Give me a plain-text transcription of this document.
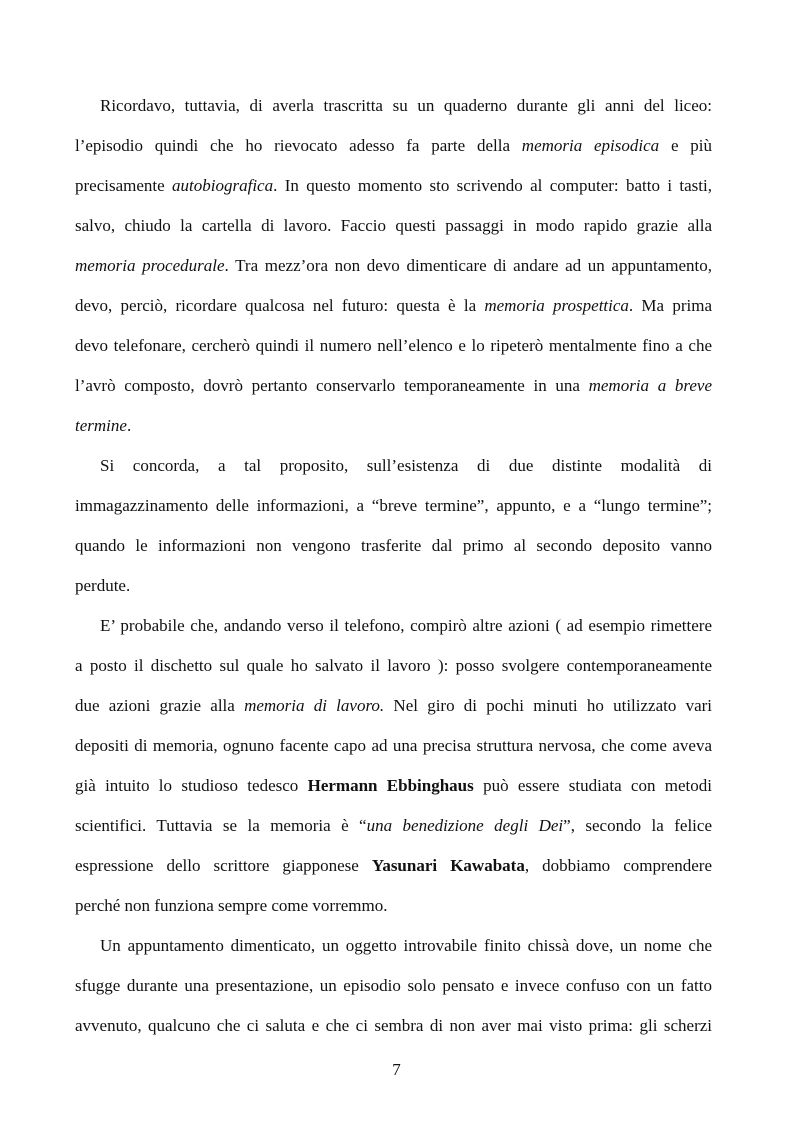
Ricordavo, tuttavia, di averla trascritta su un quaderno durante gli anni del liceo:
l’episodio quindi che ho rievocato adesso fa parte della memoria episodica e più
precisamente autobiografica. In questo momento sto scrivendo al computer: batto i tasti,
salvo, chiudo la cartella di lavoro. Faccio questi passaggi in modo rapido grazie alla
memoria procedurale. Tra mezz’ora non devo dimenticare di andare ad un appuntamento,
devo, perciò, ricordare qualcosa nel futuro: questa è la memoria prospettica. Ma prima
devo telefonare, cercherò quindi il numero nell’elenco e lo ripeterò mentalmente fino a che
l’avrò composto, dovrò pertanto conservarlo temporaneamente in una memoria a breve
termine.
Si concorda, a tal proposito, sull’esistenza di due distinte modalità di
immagazzinamento delle informazioni, a “breve termine”, appunto, e a “lungo termine”;
quando le informazioni non vengono trasferite dal primo al secondo deposito vanno
perdute.
E’ probabile che, andando verso il telefono, compirò altre azioni ( ad esempio rimettere
a posto il dischetto sul quale ho salvato il lavoro ): posso svolgere contemporaneamente
due azioni grazie alla memoria di lavoro. Nel giro di pochi minuti ho utilizzato vari
depositi di memoria, ognuno facente capo ad una precisa struttura nervosa, che come aveva
già intuito lo studioso tedesco Hermann Ebbinghaus può essere studiata con metodi
scientifici. Tuttavia se la memoria è “una benedizione degli Dei”, secondo la felice
espressione dello scrittore giapponese Yasunari Kawabata, dobbiamo comprendere
perché non funziona sempre come vorremmo.
Un appuntamento dimenticato, un oggetto introvabile finito chissà dove, un nome che
sfugge durante una presentazione, un episodio solo pensato e invece confuso con un fatto
avvenuto, qualcuno che ci saluta e che ci sembra di non aver mai visto prima: gli scherzi
7
